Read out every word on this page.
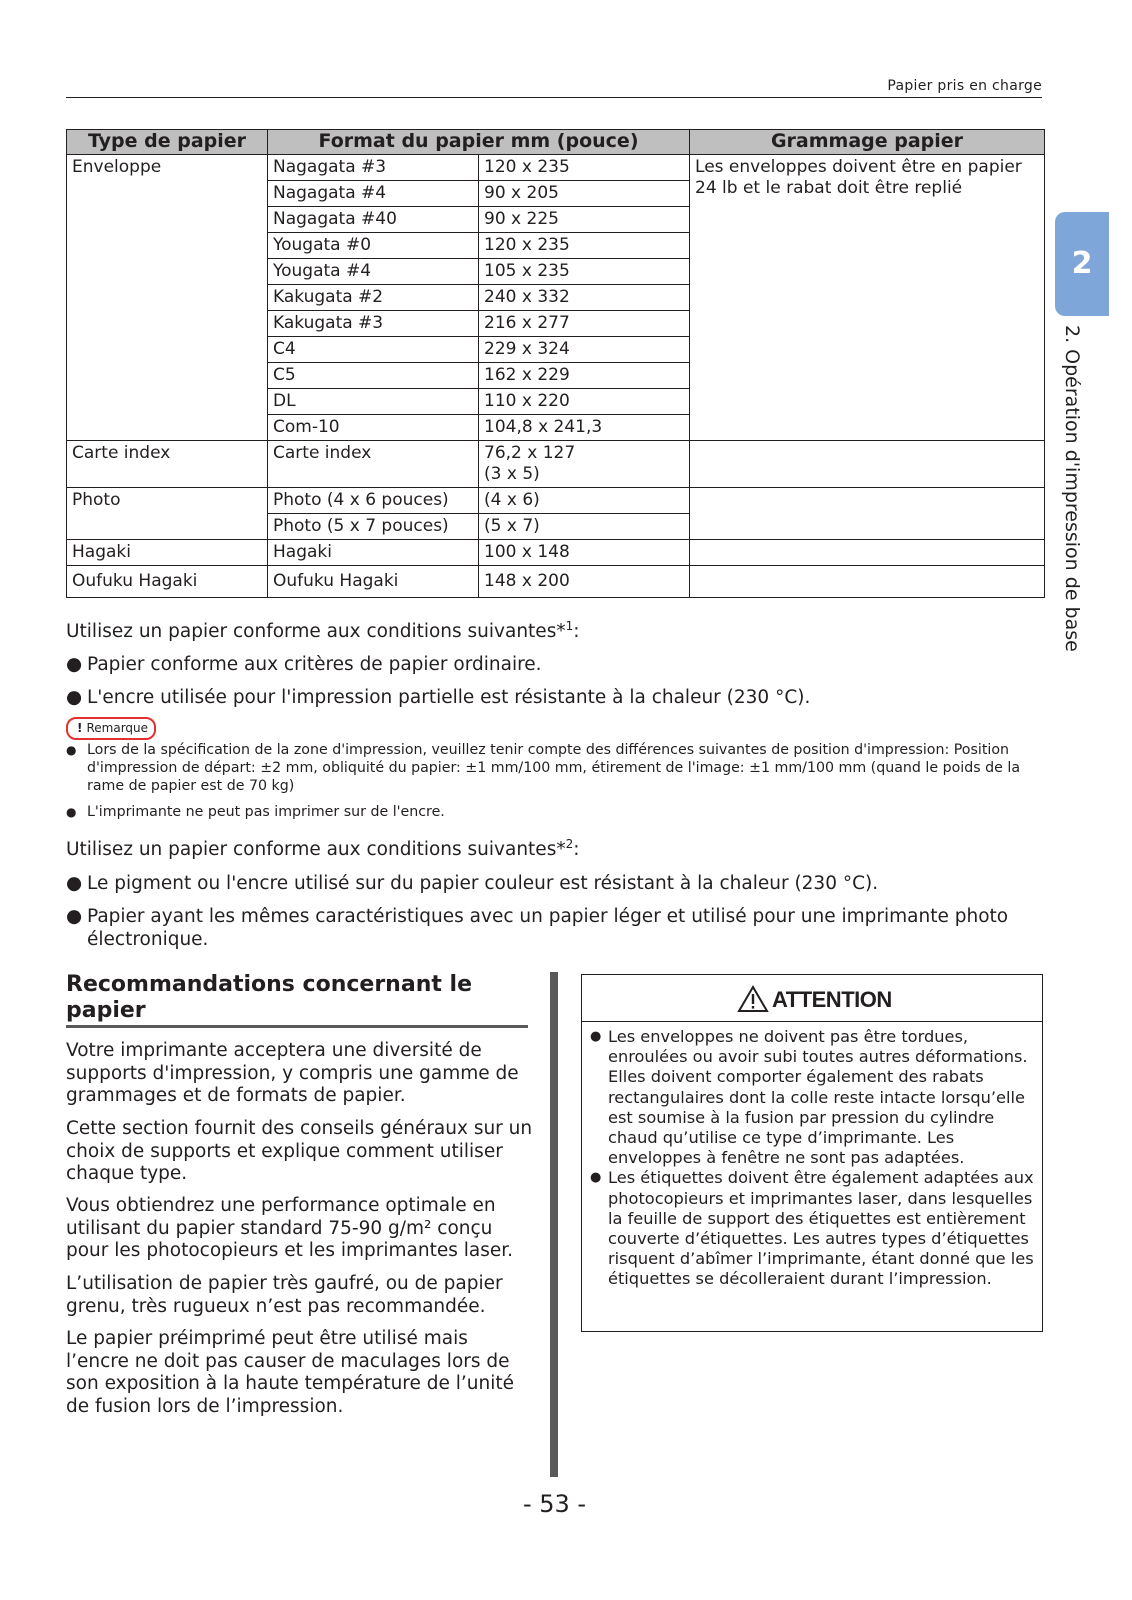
Papier pris en charge
2
2. Opération d'impression de base
Type de papier	Format du papier mm (pouce)		Grammage papier
Enveloppe	Nagagata #3	120 x 235	Les enveloppes doivent être en papier 24 lb et le rabat doit être replié
	Nagagata #4	90 x 205	
	Nagagata #40	90 x 225	
	Yougata #0	120 x 235	
	Yougata #4	105 x 235	
	Kakugata #2	240 x 332	
	Kakugata #3	216 x 277	
	C4	229 x 324	
	C5	162 x 229	
	DL	110 x 220	
	Com-10	104,8 x 241,3	
Carte index	Carte index	76,2 x 127
(3 x 5)	
Photo	Photo (4 x 6 pouces)	(4 x 6)	
	Photo (5 x 7 pouces)	(5 x 7)	
Hagaki	Hagaki	100 x 148	
Oufuku Hagaki	Oufuku Hagaki	148 x 200	
Utilisez un papier conforme aux conditions suivantes*$^1$:
● Papier conforme aux critères de papier ordinaire.
● L'encre utilisée pour l'impression partielle est résistante à la chaleur (230 °C).
! Remarque
● Lors de la spécification de la zone d'impression, veuillez tenir compte des différences suivantes de position d'impression: Position d'impression de départ: ±2 mm, obliquité du papier: ±1 mm/100 mm, étirement de l'image: ±1 mm/100 mm (quand le poids de la rame de papier est de 70 kg)
● L'imprimante ne peut pas imprimer sur de l'encre.
Utilisez un papier conforme aux conditions suivantes*$^2$:
● Le pigment ou l'encre utilisé sur du papier couleur est résistant à la chaleur (230 °C).
● Papier ayant les mêmes caractéristiques avec un papier léger et utilisé pour une imprimante photo électronique.
Recommandations concernant le papier
Votre imprimante acceptera une diversité de supports d'impression, y compris une gamme de grammages et de formats de papier.
Cette section fournit des conseils généraux sur un choix de supports et explique comment utiliser chaque type.
Vous obtiendrez une performance optimale en utilisant du papier standard 75-90 g/m² conçu pour les photocopieurs et les imprimantes laser.
L’utilisation de papier très gaufré, ou de papier grenu, très rugueux n’est pas recommandée.
Le papier préimprimé peut être utilisé mais l’encre ne doit pas causer de maculages lors de son exposition à la haute température de l’unité de fusion lors de l’impression.
ATTENTION
● Les enveloppes ne doivent pas être tordues, enroulées ou avoir subi toutes autres déformations. Elles doivent comporter également des rabats rectangulaires dont la colle reste intacte lorsqu’elle est soumise à la fusion par pression du cylindre chaud qu’utilise ce type d’imprimante. Les enveloppes à fenêtre ne sont pas adaptées.
● Les étiquettes doivent être également adaptées aux photocopieurs et imprimantes laser, dans lesquelles la feuille de support des étiquettes est entièrement couverte d’étiquettes. Les autres types d’étiquettes risquent d’abîmer l’imprimante, étant donné que les étiquettes se décolleraient durant l’impression.
- 53 -
